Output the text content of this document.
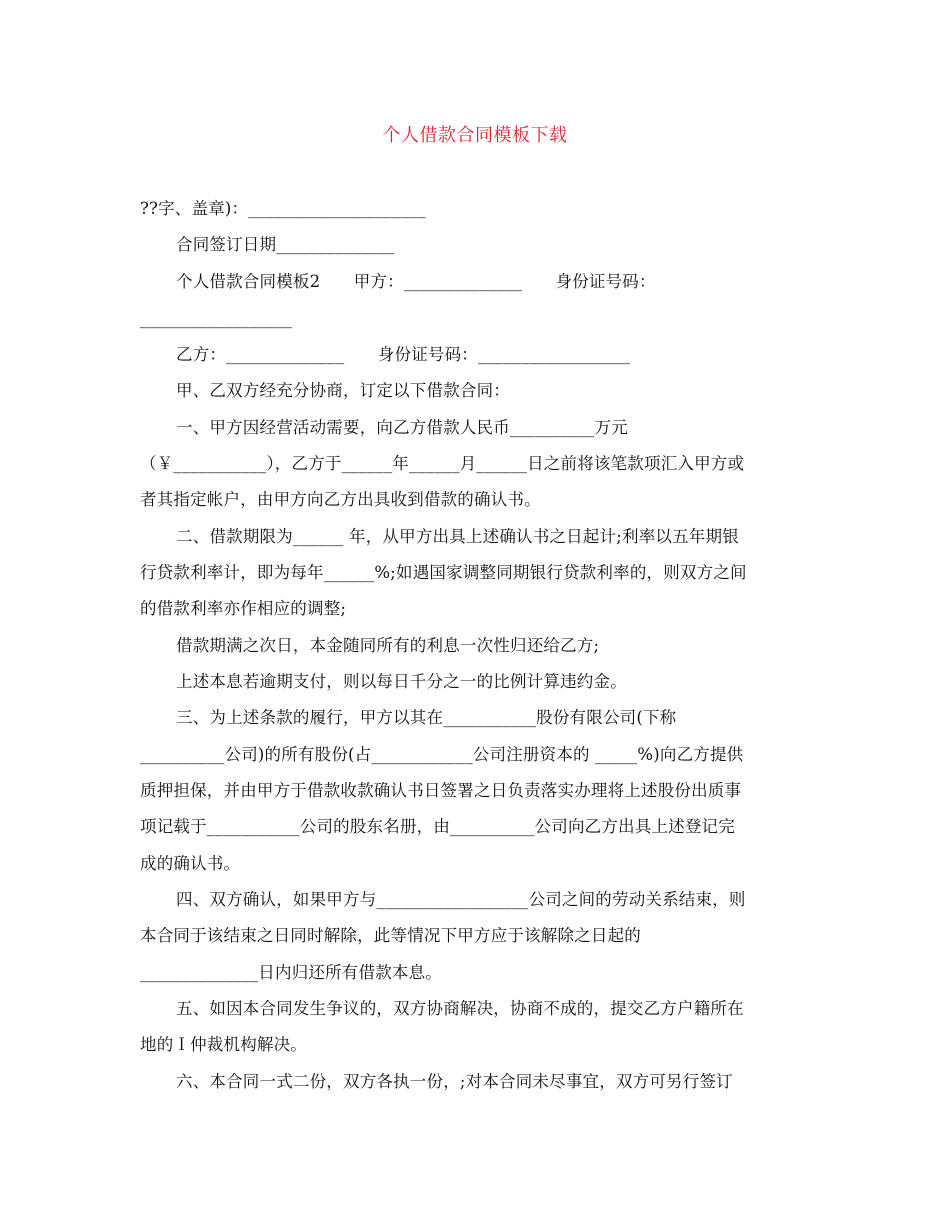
个人借款合同模板下载
??字、盖章)：_____________________
合同签订日期______________
个人借款合同模板2　　甲方：______________　　身份证号码：
__________________
乙方：______________　　身份证号码：__________________
甲、乙双方经充分协商，订定以下借款合同：
一、甲方因经营活动需要，向乙方借款人民币__________万元
（￥___________），乙方于______年______月______日之前将该笔款项汇入甲方或
者其指定帐户，由甲方向乙方出具收到借款的确认书。
二、借款期限为______ 年，从甲方出具上述确认书之日起计;利率以五年期银
行贷款利率计，即为每年______%;如遇国家调整同期银行贷款利率的，则双方之间
的借款利率亦作相应的调整;
借款期满之次日，本金随同所有的利息一次性归还给乙方;
上述本息若逾期支付，则以每日千分之一的比例计算违约金。
三、为上述条款的履行，甲方以其在___________股份有限公司(下称
__________公司)的所有股份(占____________公司注册资本的 _____%)向乙方提供
质押担保，并由甲方于借款收款确认书日签署之日负责落实办理将上述股份出质事
项记载于___________公司的股东名册，由__________公司向乙方出具上述登记完
成的确认书。
四、双方确认，如果甲方与__________________公司之间的劳动关系结束，则
本合同于该结束之日同时解除，此等情况下甲方应于该解除之日起的
______________日内归还所有借款本息。
五、如因本合同发生争议的，双方协商解决，协商不成的，提交乙方户籍所在
地的Ｉ仲裁机构解决。
六、本合同一式二份，双方各执一份，;对本合同未尽事宜，双方可另行签订
